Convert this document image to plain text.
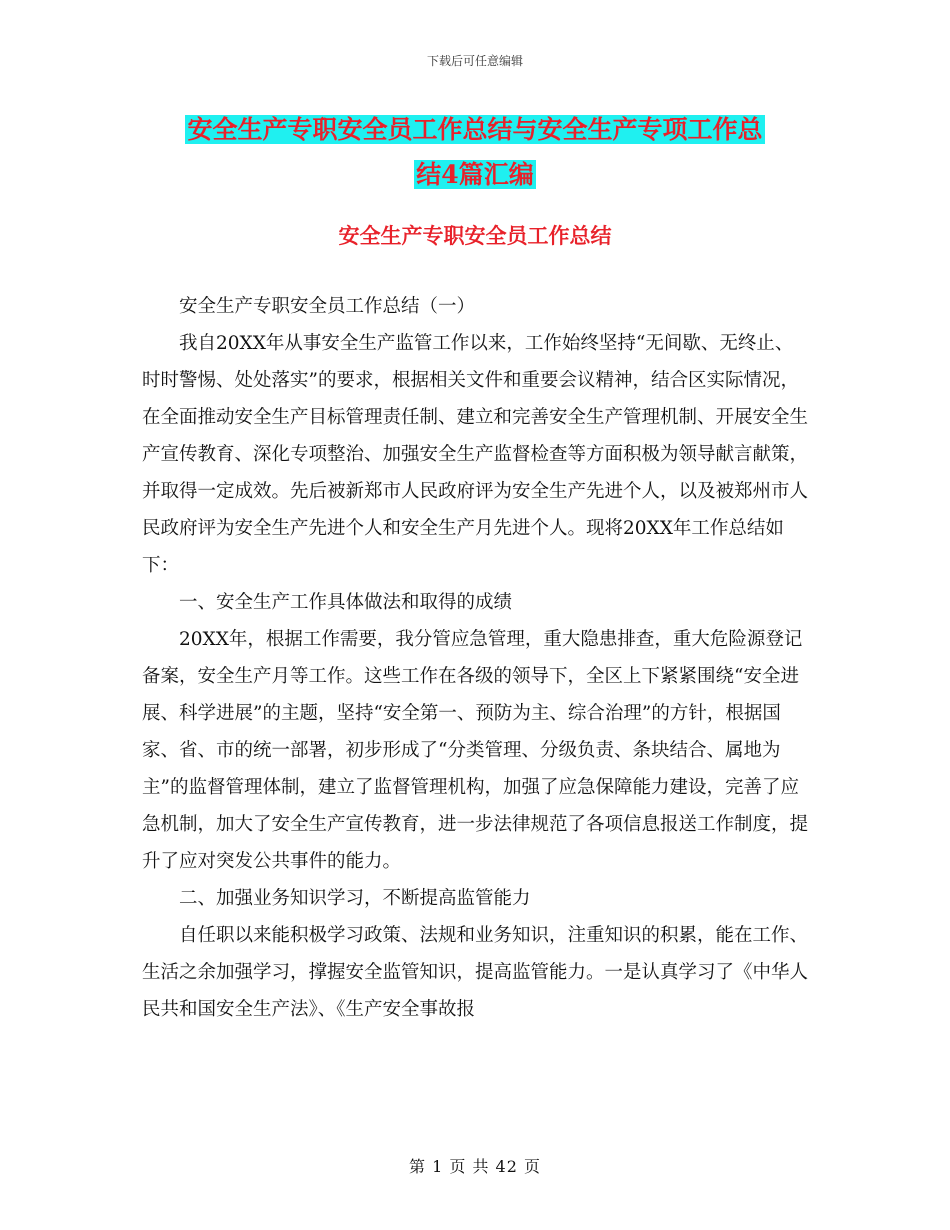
下载后可任意编辑
安全生产专职安全员工作总结与安全生产专项工作总
结4篇汇编
安全生产专职安全员工作总结

安全生产专职安全员工作总结（一）

我自20XX年从事安全生产监管工作以来，工作始终坚持“无间歇、无终止、时时警惕、处处落实”的要求，根据相关文件和重要会议精神，结合区实际情况，在全面推动安全生产目标管理责任制、建立和完善安全生产管理机制、开展安全生产宣传教育、深化专项整治、加强安全生产监督检查等方面积极为领导献言献策，并取得一定成效。先后被新郑市人民政府评为安全生产先进个人，以及被郑州市人民政府评为安全生产先进个人和安全生产月先进个人。现将20XX年工作总结如下：

一、安全生产工作具体做法和取得的成绩

20XX年，根据工作需要，我分管应急管理，重大隐患排查，重大危险源登记备案，安全生产月等工作。这些工作在各级的领导下，全区上下紧紧围绕“安全进展、科学进展”的主题，坚持“安全第一、预防为主、综合治理”的方针，根据国家、省、市的统一部署，初步形成了“分类管理、分级负责、条块结合、属地为主”的监督管理体制，建立了监督管理机构，加强了应急保障能力建设，完善了应急机制，加大了安全生产宣传教育，进一步法律规范了各项信息报送工作制度，提升了应对突发公共事件的能力。

二、加强业务知识学习，不断提高监管能力

自任职以来能积极学习政策、法规和业务知识，注重知识的积累，能在工作、生活之余加强学习，撑握安全监管知识，提高监管能力。一是认真学习了《中华人民共和国安全生产法》、《生产安全事故报

第 1 页 共 42 页
